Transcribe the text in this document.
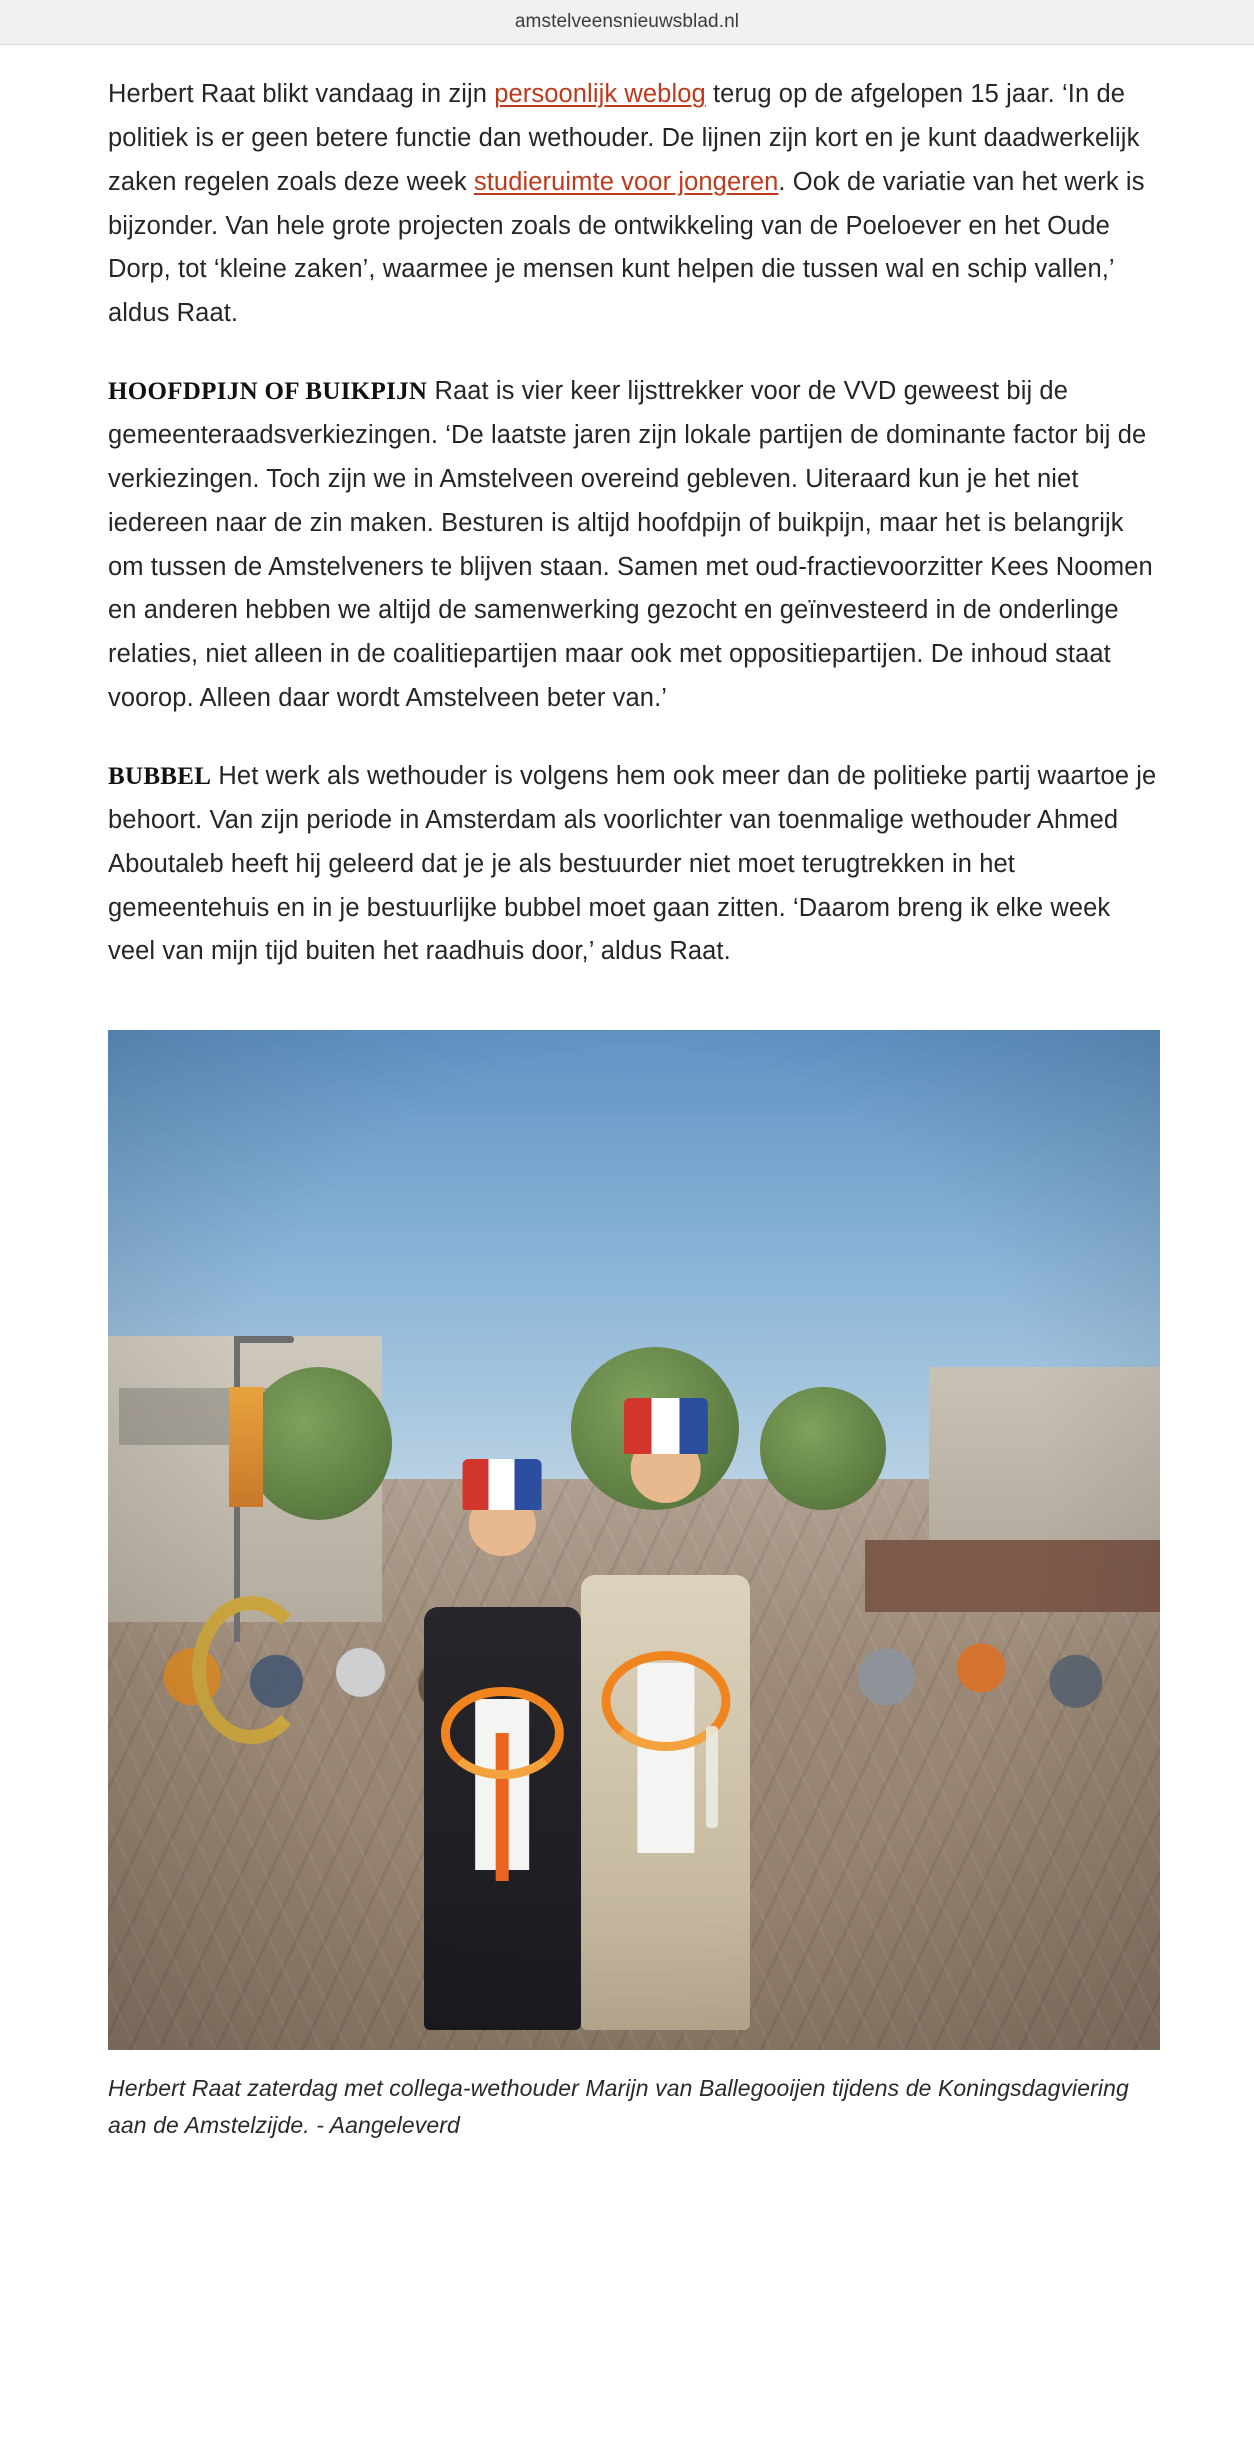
amstelveensnieuwsblad.nl

Herbert Raat blikt vandaag in zijn persoonlijk weblog terug op de afgelopen 15 jaar. ‘In de politiek is er geen betere functie dan wethouder. De lijnen zijn kort en je kunt daadwerkelijk zaken regelen zoals deze week studieruimte voor jongeren. Ook de variatie van het werk is bijzonder. Van hele grote projecten zoals de ontwikkeling van de Poeloever en het Oude Dorp, tot ‘kleine zaken’, waarmee je mensen kunt helpen die tussen wal en schip vallen,’ aldus Raat.

HOOFDPIJN OF BUIKPIJN Raat is vier keer lijsttrekker voor de VVD geweest bij de gemeenteraadsverkiezingen. ‘De laatste jaren zijn lokale partijen de dominante factor bij de verkiezingen. Toch zijn we in Amstelveen overeind gebleven. Uiteraard kun je het niet iedereen naar de zin maken. Besturen is altijd hoofdpijn of buikpijn, maar het is belangrijk om tussen de Amstelveners te blijven staan. Samen met oud-fractievoorzitter Kees Noomen en anderen hebben we altijd de samenwerking gezocht en geïnvesteerd in de onderlinge relaties, niet alleen in de coalitiepartijen maar ook met oppositiepartijen. De inhoud staat voorop. Alleen daar wordt Amstelveen beter van.’

BUBBEL Het werk als wethouder is volgens hem ook meer dan de politieke partij waartoe je behoort. Van zijn periode in Amsterdam als voorlichter van toenmalige wethouder Ahmed Aboutaleb heeft hij geleerd dat je je als bestuurder niet moet terugtrekken in het gemeentehuis en in je bestuurlijke bubbel moet gaan zitten. ‘Daarom breng ik elke week veel van mijn tijd buiten het raadhuis door,’ aldus Raat.

Herbert Raat zaterdag met collega-wethouder Marijn van Ballegooijen tijdens de Koningsdagviering aan de Amstelzijde. - Aangeleverd
